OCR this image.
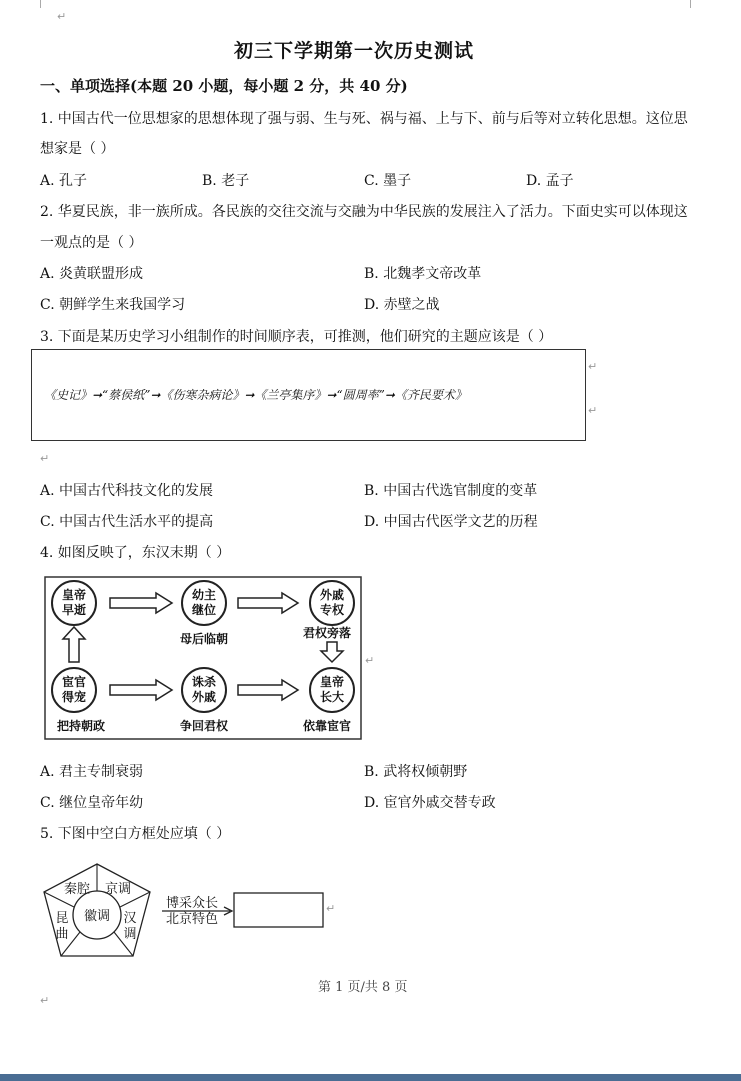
↵
初三下学期第一次历史测试
一、单项选择(本题 20 小题，每小题 2 分，共 40 分)
1. 中国古代一位思想家的思想体现了强与弱、生与死、祸与福、上与下、前与后等对立转化思想。这位思
想家是（ ）
A. 孔子	B. 老子	C. 墨子	D. 孟子
2. 华夏民族，非一族所成。各民族的交往交流与交融为中华民族的发展注入了活力。下面史实可以体现这
一观点的是（ ）
A. 炎黄联盟形成	B. 北魏孝文帝改革
C. 朝鲜学生来我国学习	D. 赤壁之战
3. 下面是某历史学习小组制作的时间顺序表，可推测，他们研究的主题应该是（ ）
《史记》➞“蔡侯纸”➞《伤寒杂病论》➞《兰亭集序》➞“圆周率”➞《齐民要术》
↵
↵
↵
A. 中国古代科技文化的发展	B. 中国古代选官制度的变革
C. 中国古代生活水平的提高	D. 中国古代医学文艺的历程
4. 如图反映了，东汉末期（ ）
皇帝
早逝
幼主
继位
外戚
专权
宦官
得宠
诛杀
外戚
皇帝
长大
母后临朝	君权旁落
把持朝政	争回君权	依靠宦官
↵
A. 君主专制衰弱	B. 武将权倾朝野
C. 继位皇帝年幼	D. 宦官外戚交替专政
5. 下图中空白方框处应填（ ）
秦腔 京调
昆
曲
徽调 汉
调
博采众长
北京特色
↵
第 1 页/共 8 页
↵
